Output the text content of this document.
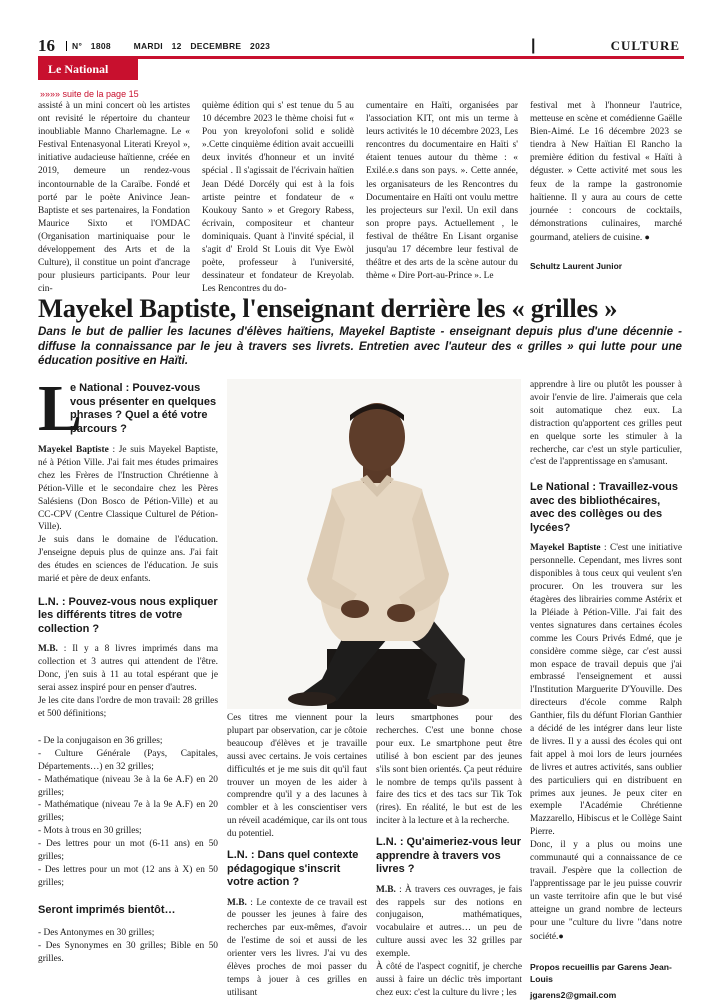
16	N° 1808	MARDI 12 DECEMBRE 2023	|	CULTURE
Le National
»»»» suite de la page 15

assisté à un mini concert où les artistes ont revisité le répertoire du chanteur inoubliable Manno Charlemagne. Le « Festival Entenasyonal Literati Kreyol », initiative audacieuse haïtienne, créée en 2019, demeure un rendez-vous incontournable de la Caraïbe. Fondé et porté par le poète Anivince Jean-Baptiste et ses partenaires, la Fondation Maurice Sixto et l'OMDAC (Organisation martiniquaise pour le développement des Arts et de la Culture), il constitue un point d'ancrage pour plusieurs participants. Pour leur cin-

quième édition qui s' est tenue du 5 au 10 décembre 2023 le thème choisi fut « Pou yon kreyolofoni solid e solidè ».Cette cinquième édition avait accueilli deux invités d'honneur et un invité spécial . Il s'agissait de l'écrivain haïtien Jean Dédé Dorcély qui est à la fois artiste peintre et fondateur de « Koukouy Santo » et Gregory Rabess, écrivain, compositeur et chanteur dominiquais. Quant à l'invité spécial, il s'agit d' Erold St Louis dit Vye Ewòl poète, professeur à l'université, dessinateur et fondateur de Kreyolab. Les Rencontres du do-

cumentaire en Haïti, organisées par l'association KIT, ont mis un terme à leurs activités le 10 décembre 2023, Les rencontres du documentaire en Haïti s' étaient tenues autour du thème : « Exilé.e.s dans son pays. ». Cette année, les organisateurs de les Rencontres du Documentaire en Haïti ont voulu mettre les projecteurs sur l'exil. Un exil dans son propre pays. Actuellement , le festival de théâtre En Lisant organise jusqu'au 17 décembre leur festival de théâtre et des arts de la scène autour du thème « Dire Port-au-Prince ». Le

festival met à l'honneur l'autrice, metteuse en scène et comédienne Gaëlle Bien-Aimé. Le 16 décembre 2023 se tiendra à New Haïtian El Rancho la première édition du festival « Haïti à déguster. » Cette activité met sous les feux de la rampe la gastronomie haïtienne. Il y aura au cours de cette journée : concours de cocktails, démonstrations culinaires, marché gourmand, ateliers de cuisine. ●

Schultz Laurent Junior
Mayekel Baptiste, l'enseignant derrière les « grilles »
Dans le but de pallier les lacunes d'élèves haïtiens, Mayekel Baptiste - enseignant depuis plus d'une décennie - diffuse la connaissance par le jeu à travers ses livrets. Entretien avec l'auteur des « grilles » qui lutte pour une éducation positive en Haïti.
L

e National : Pouvez-vous vous présenter en quelques phrases ? Quel a été votre parcours ?

Mayekel Baptiste : Je suis Mayekel Baptiste, né à Pétion Ville. J'ai fait mes études primaires chez les Frères de l'Instruction Chrétienne à Pétion-Ville et le secondaire chez les Pères Salésiens (Don Bosco de Pétion-Ville) et au CC-CPV (Centre Classique Culturel de Pétion-Ville).

Je suis dans le domaine de l'éducation. J'enseigne depuis plus de quinze ans. J'ai fait des études en sciences de l'éducation. Je suis marié et père de deux enfants.

L.N. : Pouvez-vous nous expliquer les différents titres de votre collection ?

M.B. : Il y a 8 livres imprimés dans ma collection et 3 autres qui attendent de l'être. Donc, j'en suis à 11 au total espérant que je serai assez inspiré pour en penser d'autres.

Je les cite dans l'ordre de mon travail: 28 grilles et 500 définitions;

- De la conjugaison en 36 grilles;

- Culture Générale (Pays, Capitales, Départements…) en 32 grilles;

- Mathématique (niveau 3e à la 6e A.F) en 20 grilles;

- Mathématique (niveau 7e à la 9e A.F) en 20 grilles;

- Mots à trous en 30 grilles;

- Des lettres pour un mot (6-11 ans) en 50 grilles;

- Des lettres pour un mot (12 ans à X) en 50 grilles;

Seront imprimés bientôt…

- Des Antonymes en 30 grilles;

- Des Synonymes en 30 grilles; Bible en 50 grilles.

Ces titres me viennent pour la plupart par observation, car je côtoie beaucoup d'élèves et je travaille aussi avec certains. Je vois certaines difficultés et je me suis dit qu'il faut trouver un moyen de les aider à comprendre qu'il y a des lacunes à combler et à les conscientiser vers un réveil académique, car ils ont tous du potentiel.

L.N. : Dans quel contexte pédagogique s'inscrit votre action ?

M.B. : Le contexte de ce travail est de pousser les jeunes à faire des recherches par eux-mêmes, d'avoir de l'estime de soi et aussi de les orienter vers les livres. J'ai vu des élèves proches de moi passer du temps à jouer à ces grilles en utilisant

leurs smartphones pour des recherches. C'est une bonne chose pour eux. Le smartphone peut être utilisé à bon escient par des jeunes s'ils sont bien orientés. Ça peut réduire le nombre de temps qu'ils passent à faire des tics et des tacs sur Tik Tok (rires). En réalité, le but est de les inciter à la lecture et à la recherche.

L.N. : Qu'aimeriez-vous leur apprendre à travers vos livres ?

M.B. : À travers ces ouvrages, je fais des rappels sur des notions en conjugaison, mathématiques, vocabulaire et autres… un peu de culture aussi avec les 32 grilles par exemple.

À côté de l'aspect cognitif, je cherche aussi à faire un déclic très important chez eux: c'est la culture du livre ; les

apprendre à lire ou plutôt les pousser à avoir l'envie de lire. J'aimerais que cela soit automatique chez eux. La distraction qu'apportent ces grilles peut en quelque sorte les stimuler à la recherche, car c'est un style particulier, c'est de l'apprentissage en s'amusant.

Le National : Travaillez-vous avec des bibliothécaires, avec des collèges ou des lycées?

Mayekel Baptiste : C'est une initiative personnelle. Cependant, mes livres sont disponibles à tous ceux qui veulent s'en procurer. On les trouvera sur les étagères des librairies comme Astérix et la Pléiade à Pétion-Ville. J'ai fait des ventes signatures dans certaines écoles comme les Cours Privés Edmé, que je considère comme siège, car c'est aussi mon espace de travail depuis que j'ai embrassé l'enseignement et aussi l'Institution Marguerite D'Youville. Des directeurs d'école comme Ralph Ganthier, fils du défunt Florian Ganthier a décidé de les intégrer dans leur liste de livres. Il y a aussi des écoles qui ont fait appel à moi lors de leurs journées de livres et autres activités, sans oublier des particuliers qui en distribuent en primes aux jeunes. Je peux citer en exemple l'Académie Chrétienne Mazzarello, Hibiscus et le Collège Saint Pierre.

Donc, il y a plus ou moins une communauté qui a connaissance de ce travail. J'espère que la collection de l'apprentissage par le jeu puisse couvrir un vaste territoire afin que le but visé atteigne un grand nombre de lecteurs pour une "culture du livre "dans notre société.●

Propos recueillis par Garens Jean-Louis
jgarens2@gmail.com
